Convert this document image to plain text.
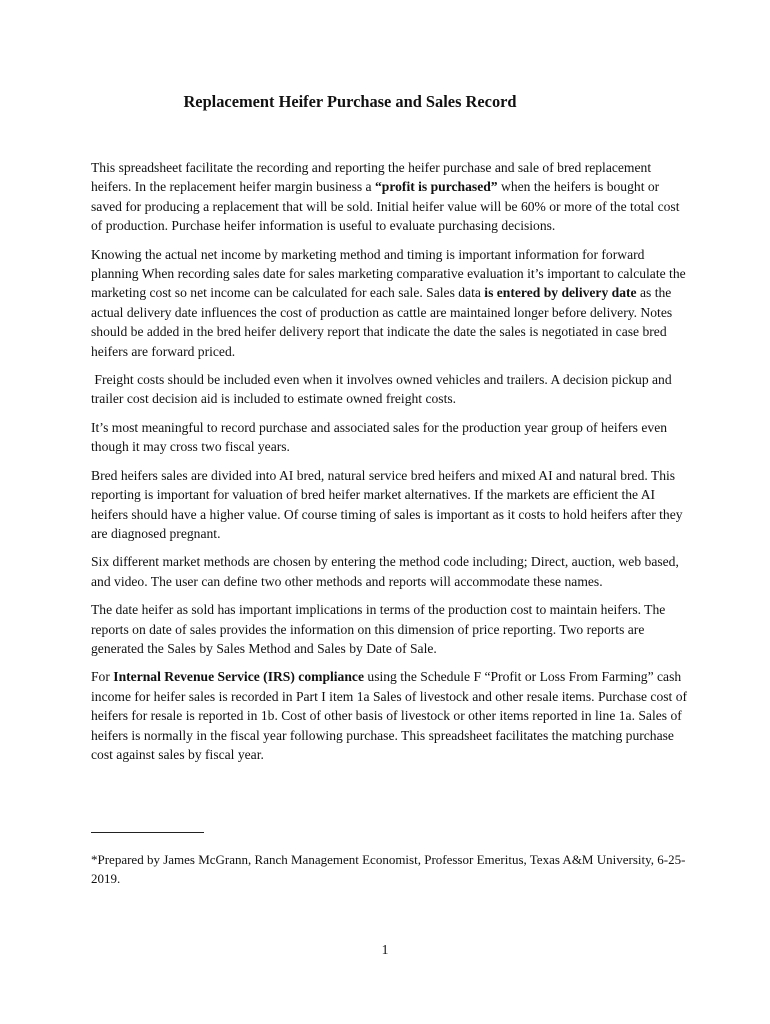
Replacement Heifer Purchase and Sales Record

This spreadsheet facilitate the recording and reporting the heifer purchase and sale of bred replacement heifers. In the replacement heifer margin business a “profit is purchased” when the heifers is bought or saved for producing a replacement that will be sold. Initial heifer value will be 60% or more of the total cost of production. Purchase heifer information is useful to evaluate purchasing decisions.

Knowing the actual net income by marketing method and timing is important information for forward planning When recording sales date for sales marketing comparative evaluation it’s important to calculate the marketing cost so net income can be calculated for each sale. Sales data is entered by delivery date as the actual delivery date influences the cost of production as cattle are maintained longer before delivery. Notes should be added in the bred heifer delivery report that indicate the date the sales is negotiated in case bred heifers are forward priced.

Freight costs should be included even when it involves owned vehicles and trailers. A decision pickup and trailer cost decision aid is included to estimate owned freight costs.

It’s most meaningful to record purchase and associated sales for the production year group of heifers even though it may cross two fiscal years.

Bred heifers sales are divided into AI bred, natural service bred heifers and mixed AI and natural bred. This reporting is important for valuation of bred heifer market alternatives. If the markets are efficient the AI heifers should have a higher value. Of course timing of sales is important as it costs to hold heifers after they are diagnosed pregnant.

Six different market methods are chosen by entering the method code including; Direct, auction, web based, and video. The user can define two other methods and reports will accommodate these names.

The date heifer as sold has important implications in terms of the production cost to maintain heifers. The reports on date of sales provides the information on this dimension of price reporting. Two reports are generated the Sales by Sales Method and Sales by Date of Sale.

For Internal Revenue Service (IRS) compliance using the Schedule F “Profit or Loss From Farming” cash income for heifer sales is recorded in Part I item 1a Sales of livestock and other resale items. Purchase cost of heifers for resale is reported in 1b. Cost of other basis of livestock or other items reported in line 1a. Sales of heifers is normally in the fiscal year following purchase. This spreadsheet facilitates the matching purchase cost against sales by fiscal year.

*Prepared by James McGrann, Ranch Management Economist, Professor Emeritus, Texas A&M University, 6-25-2019.

1
